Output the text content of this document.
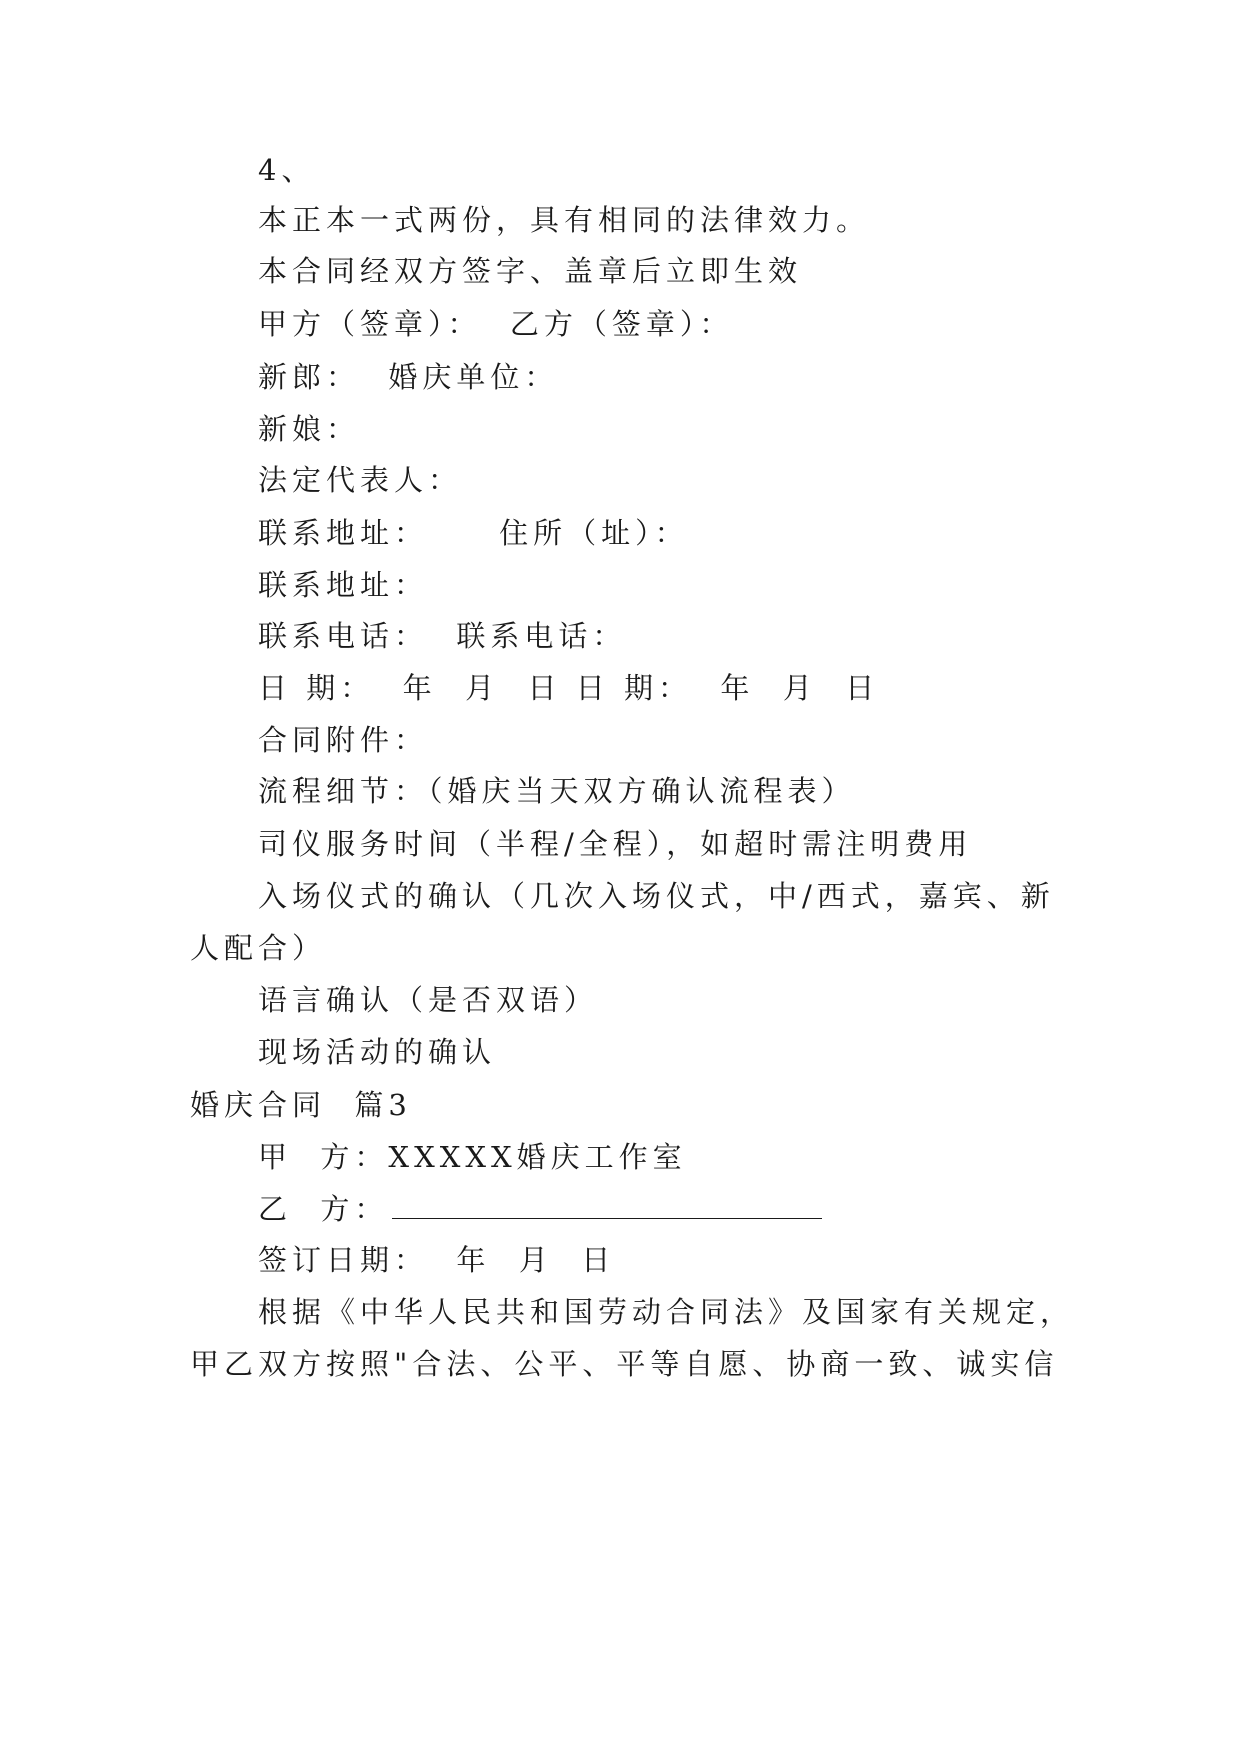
4、
本正本一式两份，具有相同的法律效力。
本合同经双方签字、盖章后立即生效
甲方（签章）：  乙方（签章）：
新郎：  婚庆单位：
新娘：
法定代表人：
联系地址：     住所（址）：
联系地址：
联系电话：  联系电话：
日 期：  年  月  日 日 期：  年  月  日
合同附件：
流程细节：（婚庆当天双方确认流程表）
司仪服务时间（半程/全程），如超时需注明费用
入场仪式的确认（几次入场仪式，中/西式，嘉宾、新
人配合）
语言确认（是否双语）
现场活动的确认
婚庆合同  篇3
甲  方：XXXXX婚庆工作室
乙  方：
签订日期：  年  月  日
根据《中华人民共和国劳动合同法》及国家有关规定，
甲乙双方按照"合法、公平、平等自愿、协商一致、诚实信
